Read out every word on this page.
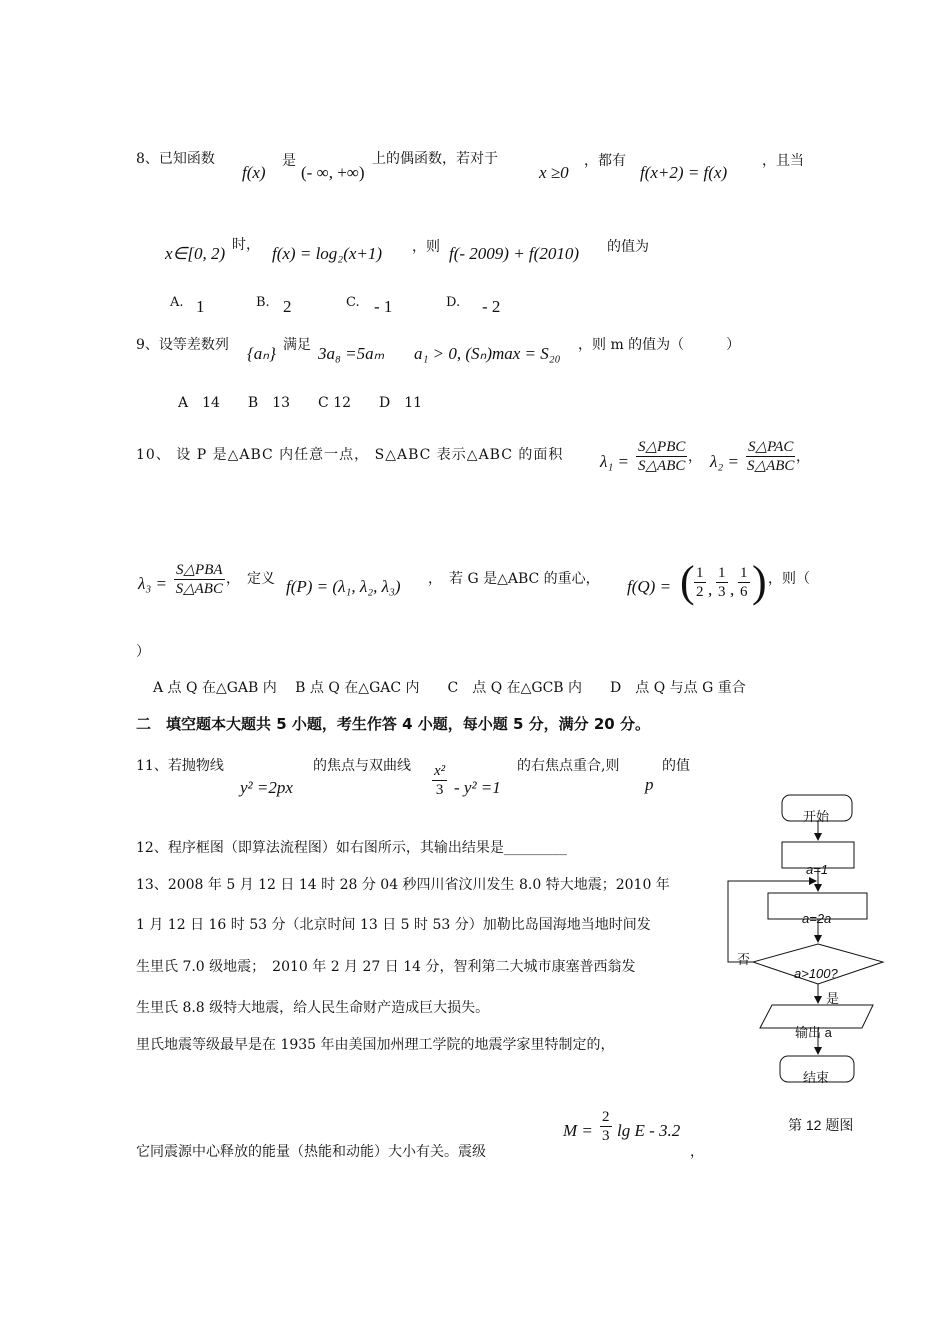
8、已知函数
f(x)
是
(- ∞, +∞)
上的偶函数，若对于
x ≥0
，都有
f(x+2) = f(x)
，且当
x∈[0, 2) 时， f(x) = log₂(x+1) ，则 f(- 2009) + f(2010) 的值为
A. 1	B. 2	C. - 1	D. - 2
9、设等差数列 {aₙ} 满足 3a₈ =5aₘ a₁ > 0, (Sₙ)max = S₂₀ ，则 m 的值为（　　　）
A　14　　B　13　　C 12　　D　11
10、 设 P 是△ABC 内任意一点， S△ABC 表示△ABC 的面积 λ₁ =
S△PBC
S△ABC
， λ₂ =
S△PAC
S△ABC
，
λ₃ =
S△PBA
S△ABC
，　定义 f(P) = (λ₁, λ₂, λ₃) ，　若 G 是△ABC 的重心， f(Q) = ( $\frac{1}{2}$ , $\frac{1}{3}$ , $\frac{1}{6}$ ) ，则（
）
A 点 Q 在△GAB 内　 B 点 Q 在△GAC 内　　C　点 Q 在△GCB 内　　D　点 Q 与点 G 重合
二　填空题本大题共 5 小题，考生作答 4 小题，每小题 5 分，满分 20 分。
11、若抛物线
y² =2px
的焦点与双曲线 $\frac{\text{x²}}{3} - y^2 =1$
的右焦点重合,则
p
的值
12、程序框图（即算法流程图）如右图所示，其输出结果是_________
13、2008 年 5 月 12 日 14 时 28 分 04 秒四川省汶川发生 8.0 特大地震；2010 年
1 月 12 日 16 时 53 分（北京时间 13 日 5 时 53 分）加勒比岛国海地当地时间发
生里氏 7.0 级地震；　2010 年 2 月 27 日 14 分，智利第二大城市康塞普西翁发
生里氏 8.8 级特大地震，给人民生命财产造成巨大损失。
里氏地震等级最早是在 1935 年由美国加州理工学院的地震学家里特制定的，
它同震源中心释放的能量（热能和动能）大小有关。震级
$M = \frac{2}{3}$ lg E - 3.2
，
开始
a=1
a=2a
否
a>100?
是
输出 a
结束
第 12 题图
